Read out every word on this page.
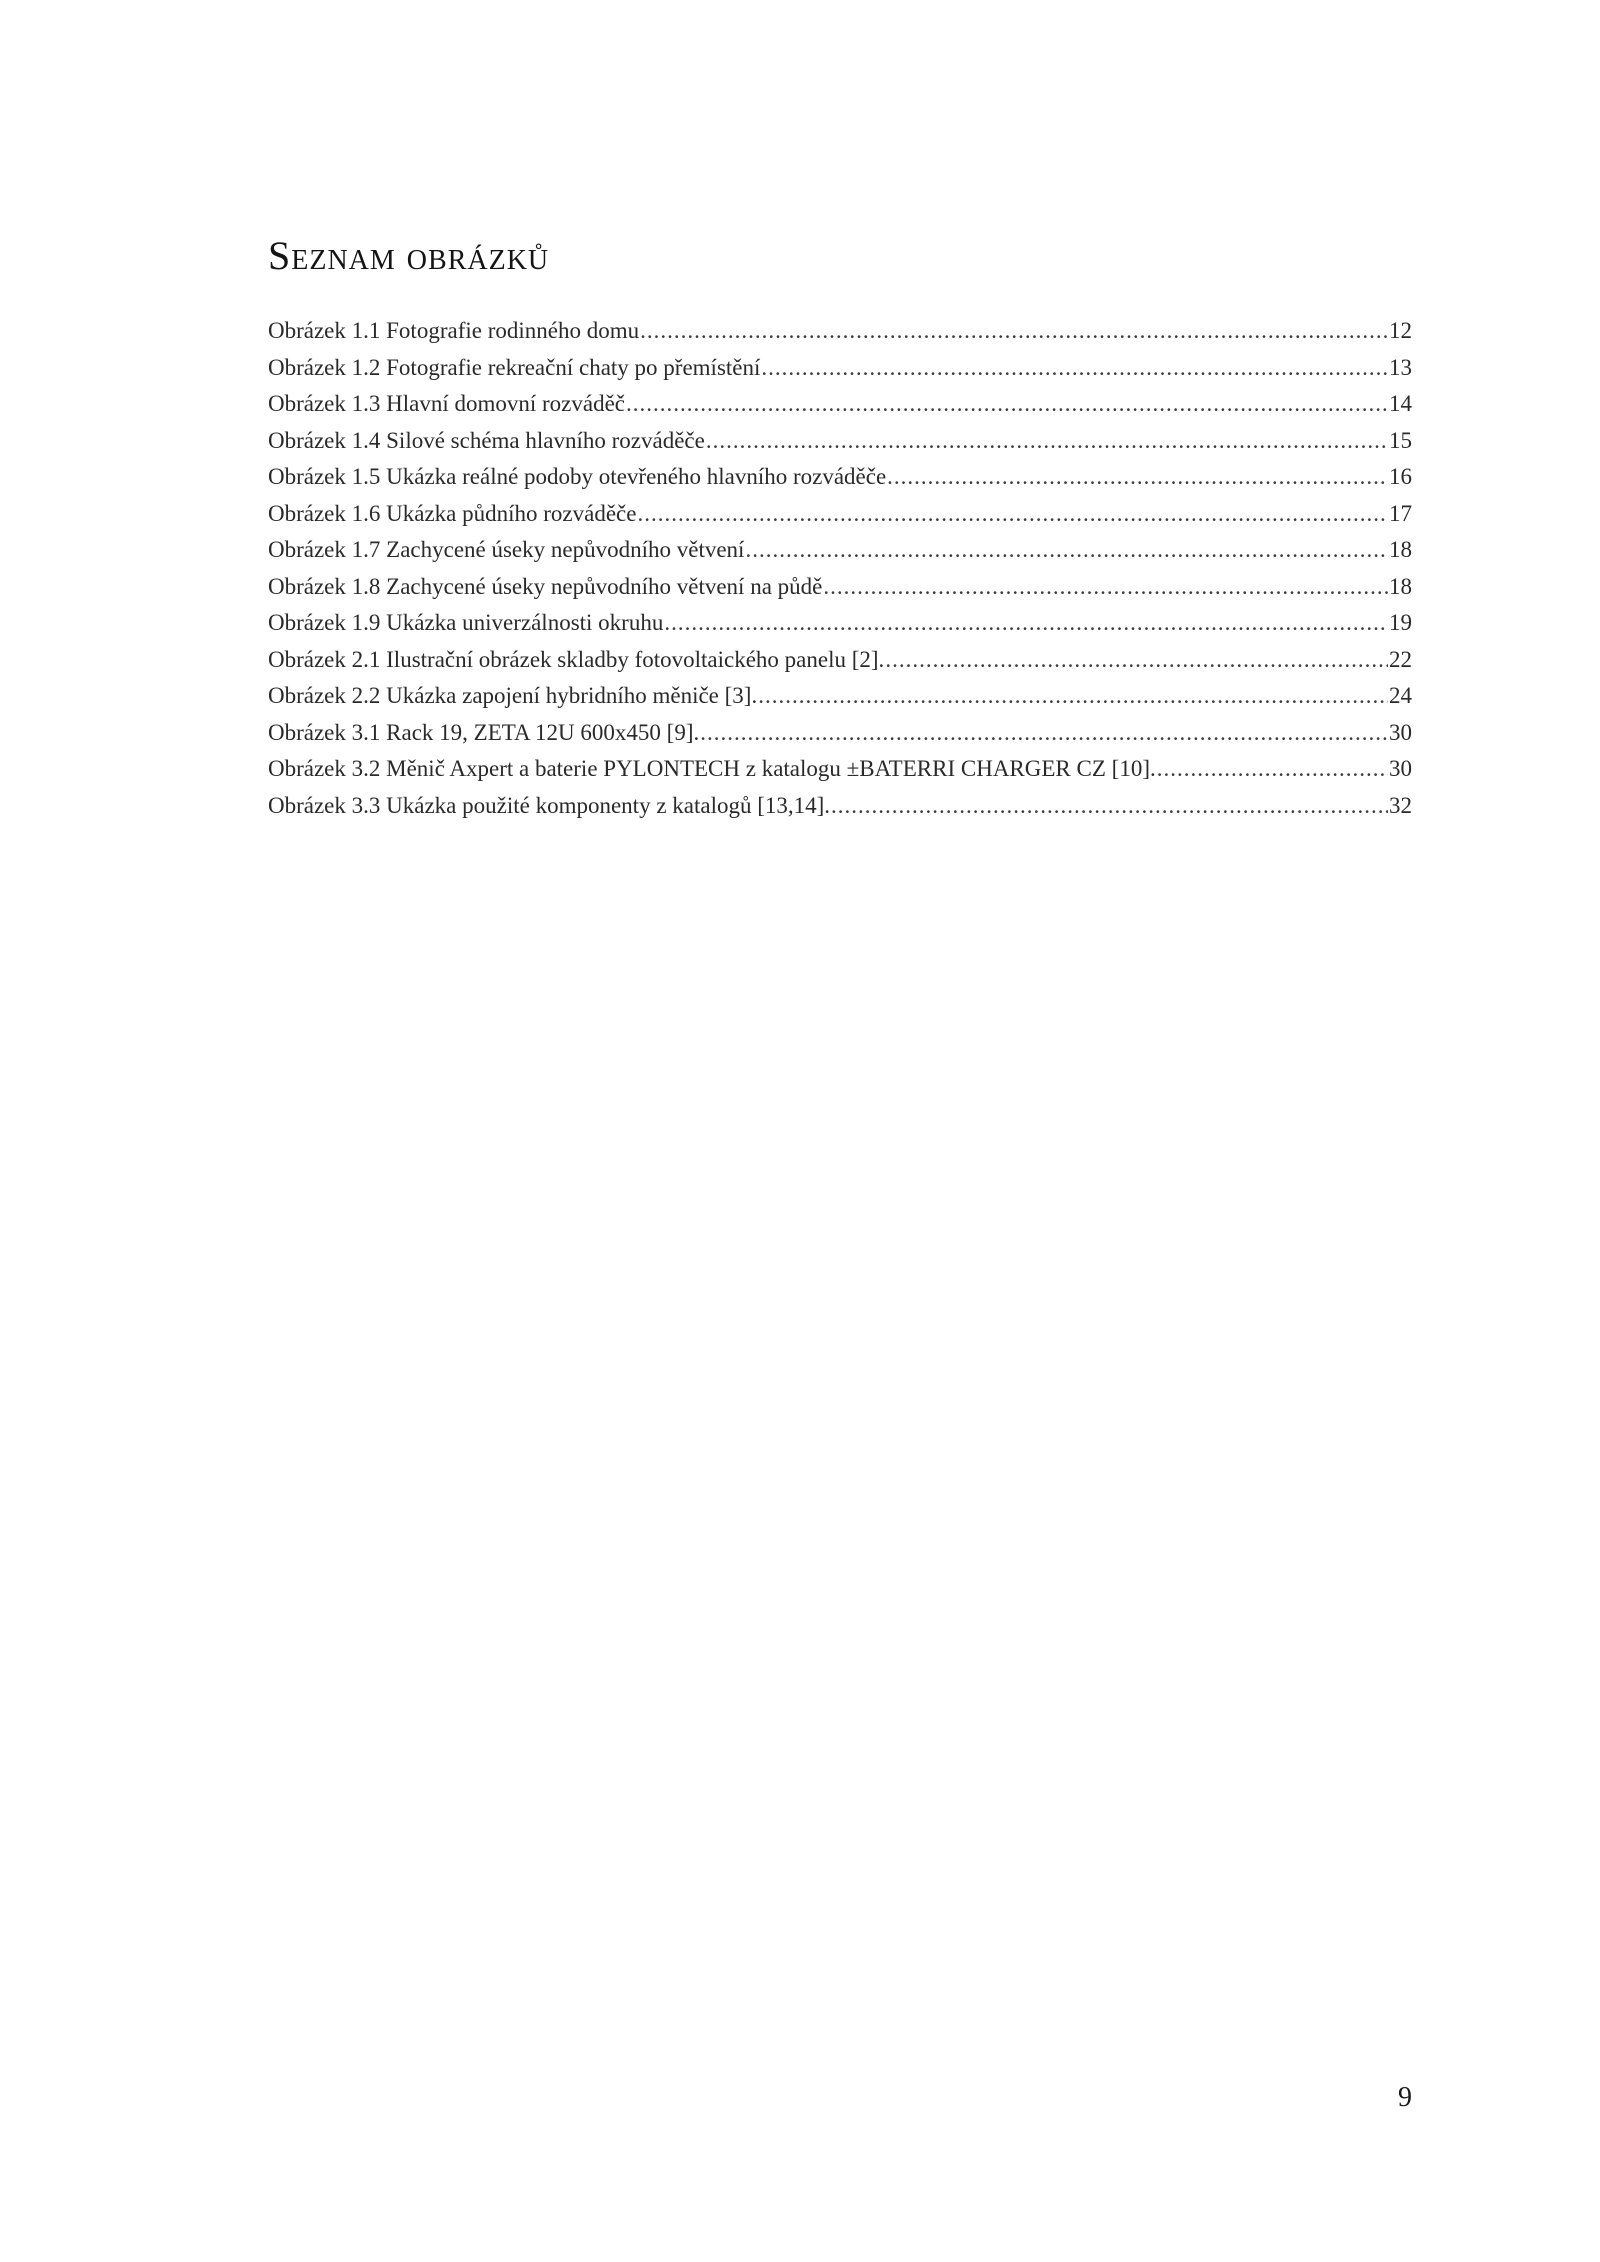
Seznam obrázků
Obrázek 1.1 Fotografie rodinného domu .....	12
Obrázek 1.2 Fotografie rekreační chaty po přemístění .....	13
Obrázek 1.3 Hlavní domovní rozváděč .....	14
Obrázek 1.4 Silové schéma hlavního rozváděče .....	15
Obrázek 1.5 Ukázka reálné podoby otevřeného hlavního rozváděče .....	16
Obrázek 1.6 Ukázka půdního rozváděče .....	17
Obrázek 1.7 Zachycené úseky nepůvodního větvení .....	18
Obrázek 1.8 Zachycené úseky nepůvodního větvení na půdě .....	18
Obrázek 1.9 Ukázka univerzálnosti okruhu .....	19
Obrázek 2.1 Ilustrační obrázek skladby fotovoltaického panelu [2]. .....	22
Obrázek 2.2 Ukázka zapojení hybridního měniče [3]. .....	24
Obrázek 3.1 Rack 19, ZETA 12U 600x450 [9]. .....	30
Obrázek 3.2 Měnič Axpert a baterie PYLONTECH z katalogu ±BATERRI CHARGER CZ [10]. .....	30
Obrázek 3.3 Ukázka použité komponenty z katalogů [13,14]. .....	32
9
